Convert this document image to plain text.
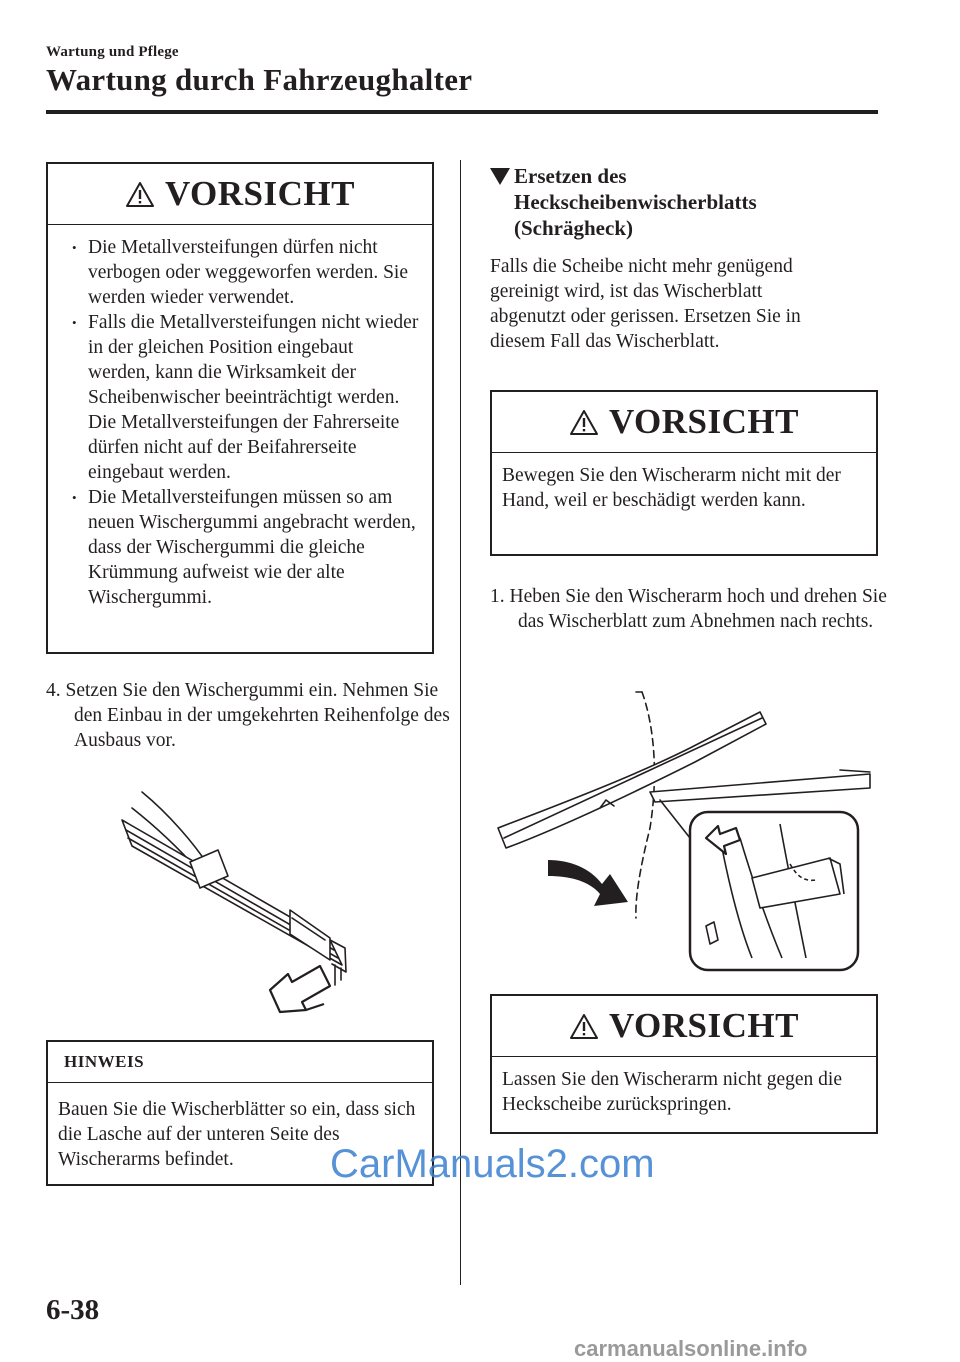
Wartung und Pflege
Wartung durch Fahrzeughalter
VORSICHT
• Die Metallversteifungen dürfen nicht verbogen oder weggeworfen werden. Sie werden wieder verwendet.
• Falls die Metallversteifungen nicht wieder in der gleichen Position eingebaut werden, kann die Wirksamkeit der Scheibenwischer beeinträchtigt werden. Die Metallversteifungen der Fahrerseite dürfen nicht auf der Beifahrerseite eingebaut werden.
• Die Metallversteifungen müssen so am neuen Wischergummi angebracht werden, dass der Wischergummi die gleiche Krümmung aufweist wie der alte Wischergummi.
4. Setzen Sie den Wischergummi ein. Nehmen Sie den Einbau in der umgekehrten Reihenfolge des Ausbaus vor.
HINWEIS
Bauen Sie die Wischerblätter so ein, dass sich die Lasche auf der unteren Seite des Wischerarms befindet.
Ersetzen des Heckscheibenwischerblatts (Schrägheck)
Falls die Scheibe nicht mehr genügend gereinigt wird, ist das Wischerblatt abgenutzt oder gerissen. Ersetzen Sie in diesem Fall das Wischerblatt.
VORSICHT
Bewegen Sie den Wischerarm nicht mit der Hand, weil er beschädigt werden kann.
1. Heben Sie den Wischerarm hoch und drehen Sie das Wischerblatt zum Abnehmen nach rechts.
VORSICHT
Lassen Sie den Wischerarm nicht gegen die Heckscheibe zurückspringen.
6-38
CarManuals2.com
carmanualsonline.info
